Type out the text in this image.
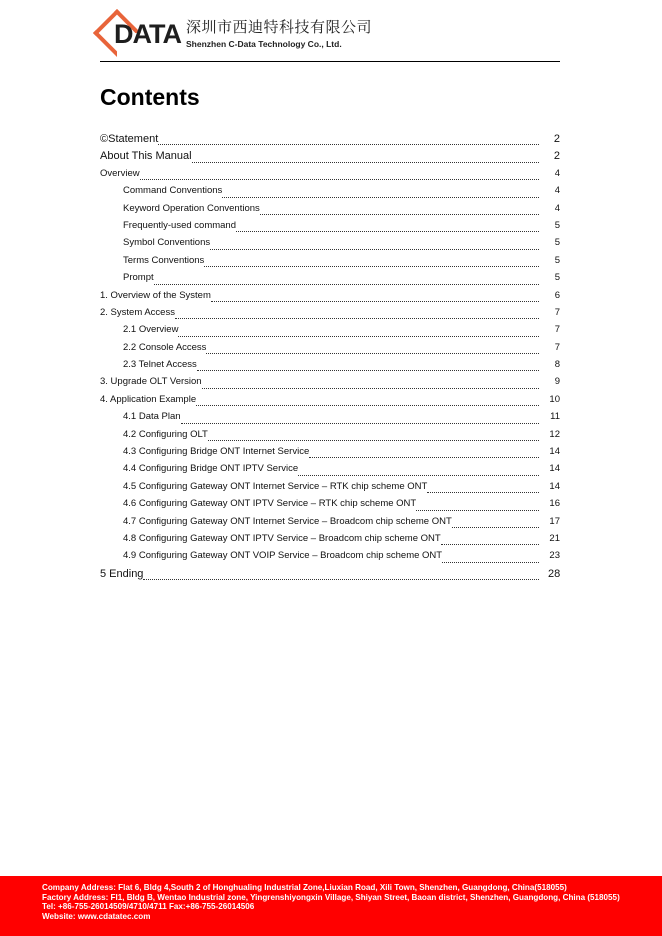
DATA 深圳市西迪特科技有限公司
Shenzhen C-Data Technology Co., Ltd.
Contents
©Statement	2
About This Manual	2
Overview	4
Command Conventions	4
Keyword Operation Conventions	4
Frequently-used command	5
Symbol Conventions	5
Terms Conventions	5
Prompt	5
1. Overview of the System	6
2. System Access	7
2.1 Overview	7
2.2 Console Access	7
2.3 Telnet Access	8
3. Upgrade OLT Version	9
4. Application Example	10
4.1 Data Plan	11
4.2 Configuring OLT	12
4.3 Configuring Bridge ONT Internet Service	14
4.4 Configuring Bridge ONT IPTV Service	14
4.5 Configuring Gateway ONT Internet Service – RTK chip scheme ONT	14
4.6 Configuring Gateway ONT IPTV Service – RTK chip scheme ONT	16
4.7 Configuring Gateway ONT Internet Service – Broadcom chip scheme ONT	17
4.8 Configuring Gateway ONT IPTV Service – Broadcom chip scheme ONT	21
4.9 Configuring Gateway ONT VOIP Service – Broadcom chip scheme ONT	23
5 Ending	28

Company Address: Flat 6, Bldg 4,South 2 of Honghualing Industrial Zone,Liuxian Road, Xili Town, Shenzhen, Guangdong, China(518055)

Factory Address: Fl1, Bldg B, Wentao Industrial zone, Yingrenshiyongxin Village, Shiyan Street, Baoan district, Shenzhen, Guangdong, China (518055)

Tel: +86-755-26014509/4710/4711 Fax:+86-755-26014506

Website: www.cdatatec.com
